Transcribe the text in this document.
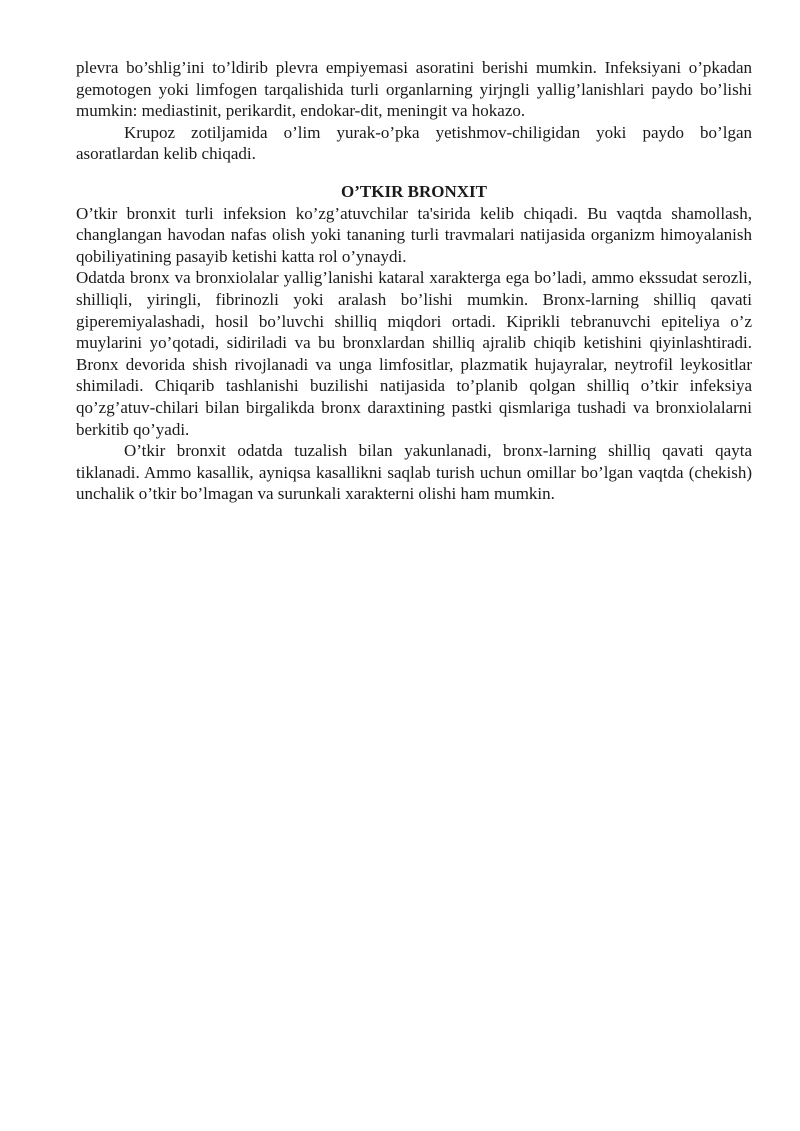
plevra bo’shlig’ini to’ldirib plevra empiyemasi asoratini berishi mumkin. Infeksiyani o’pkadan gemotogen yoki limfogen tarqalishida turli organlarning yirjngli yallig’lanishlari paydo bo’lishi mumkin: mediastinit, perikardit, endokar-dit, meningit va hokazo.

Krupoz zotiljamida o’lim yurak-o’pka yetishmov-chiligidan yoki paydo bo’lgan asoratlardan kelib chiqadi.

O’TKIR BRONXIT

O’tkir bronxit turli infeksion ko’zg’atuvchilar ta'sirida kelib chiqadi. Bu vaqtda shamollash, changlangan havodan nafas olish yoki tananing turli travmalari natijasida organizm himoyalanish qobiliyatining pasayib ketishi katta rol o’ynaydi.

Odatda bronx va bronxiolalar yallig’lanishi kataral xarakterga ega bo’ladi, ammo ekssudat serozli, shilliqli, yiringli, fibrinozli yoki aralash bo’lishi mumkin. Bronx-larning shilliq qavati giperemiyalashadi, hosil bo’luvchi shilliq miqdori ortadi. Kiprikli tebranuvchi epiteliya o’z muylarini yo’qotadi, sidiriladi va bu bronxlardan shilliq ajralib chiqib ketishini qiyinlashtiradi. Bronx devorida shish rivojlanadi va unga limfositlar, plazmatik hujayralar, neytrofil leykositlar shimiladi. Chiqarib tashlanishi buzilishi natijasida to’planib qolgan shilliq o’tkir infeksiya qo’zg’atuv-chilari bilan birgalikda bronx daraxtining pastki qismlariga tushadi va bronxiolalarni berkitib qo’yadi.

O’tkir bronxit odatda tuzalish bilan yakunlanadi, bronx-larning shilliq qavati qayta tiklanadi. Ammo kasallik, ayniqsa kasallikni saqlab turish uchun omillar bo’lgan vaqtda (chekish) unchalik o’tkir bo’lmagan va surunkali xarakterni olishi ham mumkin.
